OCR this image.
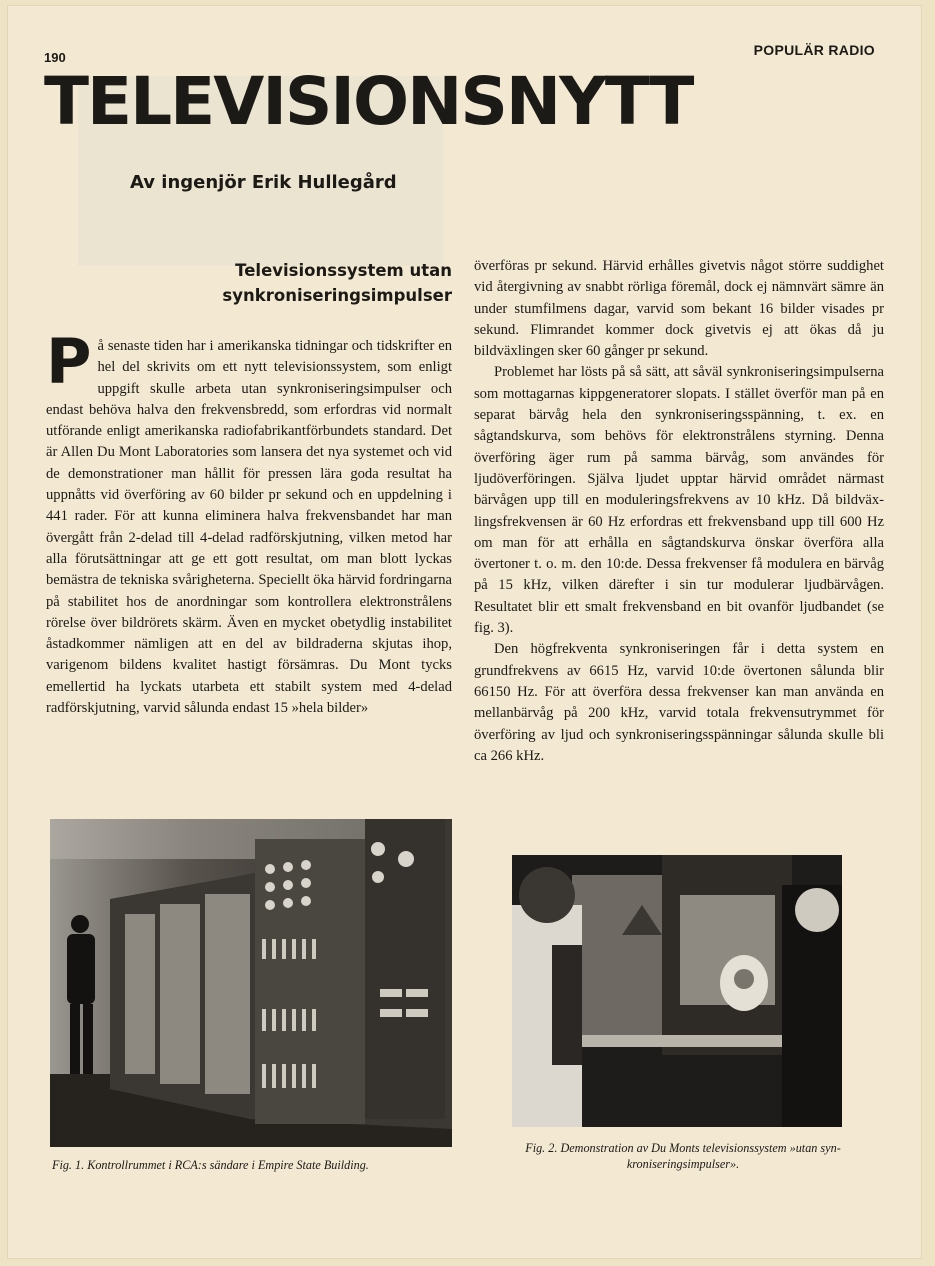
190	POPULÄR RADIO
TELEVISIONSNYTT
Av ingenjör Erik Hullegård
Televisionssystem utan
synkroniseringsimpulser

På senaste tiden har i amerikanska tidningar och tidskrifter en hel del skrivits om ett nytt televisionssystem, som enligt uppgift skulle arbeta utan synkroniseringsimpulser och endast behöva halva den frekvensbredd, som erfordras vid normalt utförande enligt amerikanska radiofabrikantförbundets standard. Det är Allen Du Mont Laboratories som lansera det nya systemet och vid de demonstrationer man hållit för pressen lära goda resultat ha uppnåtts vid överföring av 60 bilder pr sekund och en uppdelning i 441 rader. För att kunna eliminera halva frekvensbandet har man övergått från 2-delad till 4-delad radförskjutning, vilken metod har alla förutsättningar att ge ett gott resultat, om man blott lyckas bemästra de tekniska svårigheterna. Speciellt öka härvid fordringarna på stabilitet hos de anordningar som kontrollera elektronstrålens rörelse över bildrörets skärm. Även en mycket obetydlig instabilitet åstadkommer nämligen att en del av bildraderna skjutas ihop, varigenom bildens kvalitet hastigt försämras. Du Mont tycks emellertid ha lyckats utarbeta ett stabilt system med 4-delad radförskjutning, varvid sålunda endast 15 »hela bilder»

överföras pr sekund. Härvid erhålles givetvis något större suddighet vid återgivning av snabbt rörliga föremål, dock ej nämnvärt sämre än under stumfilmens dagar, varvid som bekant 16 bilder visades pr sekund. Flimrandet kommer dock givetvis ej att ökas då ju bildväxlingen sker 60 gånger pr sekund.

Problemet har lösts på så sätt, att såväl synkroniseringsimpulserna som mottagarnas kippgeneratorer slopats. I stället överför man på en separat bärvåg hela den synkroniseringsspänning, t. ex. en sågtandskurva, som behövs för elektronstrålens styrning. Denna överföring äger rum på samma bärvåg, som användes för ljudöverföringen. Själva ljudet upptar härvid området närmast bärvågen upp till en moduleringsfrekvens av 10 kHz. Då bildväxlingsfrekvensen är 60 Hz erfordras ett frekvensband upp till 600 Hz om man för att erhålla en sågtandskurva önskar överföra alla övertoner t. o. m. den 10:de. Dessa frekvenser få modulera en bärvåg på 15 kHz, vilken därefter i sin tur modulerar ljudbärvågen. Resultatet blir ett smalt frekvensband en bit ovanför ljudbandet (se fig. 3).

Den högfrekventa synkroniseringen får i detta system en grundfrekvens av 6615 Hz, varvid 10:de övertonen sålunda blir 66150 Hz. För att överföra dessa frekvenser kan man använda en mellanbärvåg på 200 kHz, varvid totala frekvensutrymmet för överföring av ljud och synkroniseringsspänningar sålunda skulle bli ca 266 kHz.

Fig. 1. Kontrollrummet i RCA:s sändare i Empire State Building.
Fig. 2. Demonstration av Du Monts televisionssystem »utan synkroniseringsimpulser».
